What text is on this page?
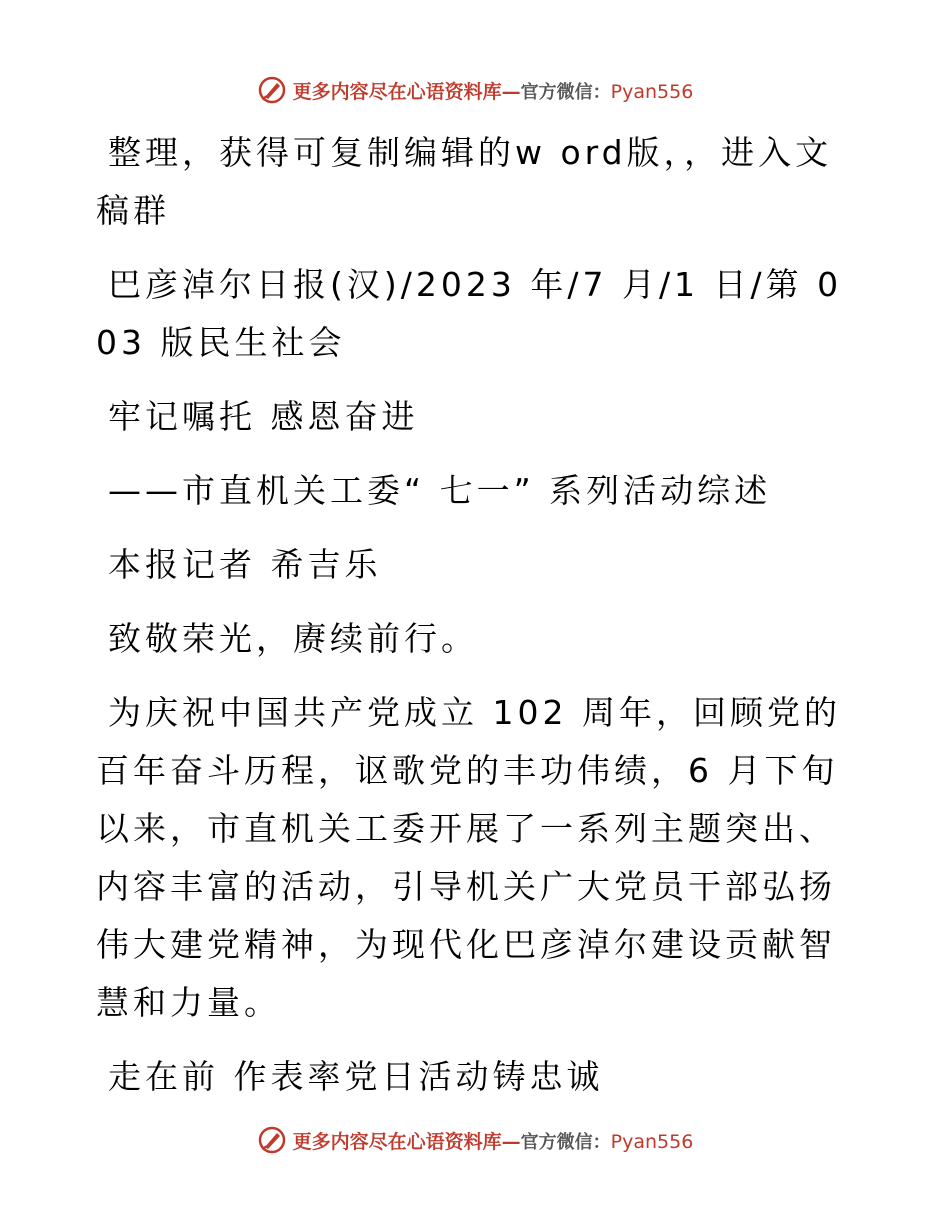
更多内容尽在心语资料库—官方微信：Pyan556

整理，获得可复制编辑的w ord版，，进入文稿群

巴彦淖尔日报(汉)/2023 年/7 月/1 日/第 003 版民生社会

牢记嘱托 感恩奋进

——市直机关工委“ 七一” 系列活动综述

本报记者 希吉乐

致敬荣光，赓续前行。

为庆祝中国共产党成立 102 周年，回顾党的百年奋斗历程，讴歌党的丰功伟绩，6 月下旬以来，市直机关工委开展了一系列主题突出、内容丰富的活动，引导机关广大党员干部弘扬伟大建党精神，为现代化巴彦淖尔建设贡献智慧和力量。

走在前 作表率党日活动铸忠诚

更多内容尽在心语资料库—官方微信：Pyan556
